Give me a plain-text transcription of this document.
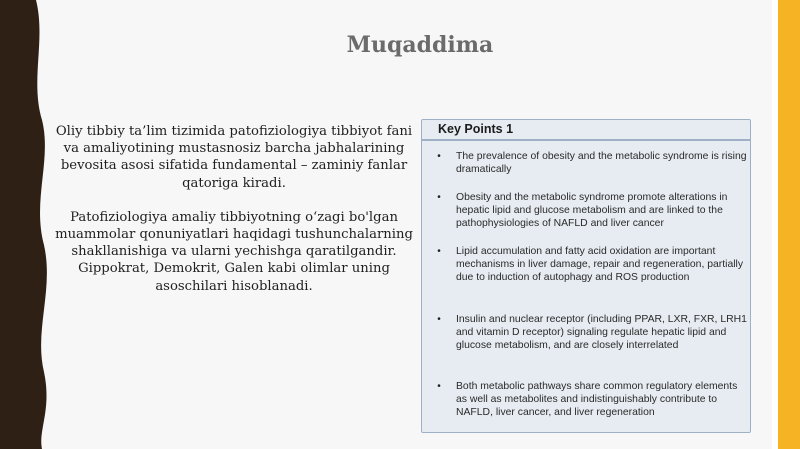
Muqaddima

Oliy tibbiy ta’lim tizimida patofiziologiya tibbiyot fani va amaliyotining mustasnosiz barcha jabhalarining bevosita asosi sifatida fundamental – zaminiy fanlar qatoriga kiradi.

Patofiziologiya amaliy tibbiyotning o‘zagi bo'lgan muammolar qonuniyatlari haqidagi tushunchalarning shakllanishiga va ularni yechishga qaratilgandir. Gippokrat, Demokrit, Galen kabi olimlar uning asoschilari hisoblanadi.

Key Points 1
•	The prevalence of obesity and the metabolic syndrome is rising dramatically
•	Obesity and the metabolic syndrome promote alterations in hepatic lipid and glucose metabolism and are linked to the pathophysiologies of NAFLD and liver cancer
•	Lipid accumulation and fatty acid oxidation are important mechanisms in liver damage, repair and regeneration, partially due to induction of autophagy and ROS production
•	Insulin and nuclear receptor (including PPAR, LXR, FXR, LRH1 and vitamin D receptor) signaling regulate hepatic lipid and glucose metabolism, and are closely interrelated
•	Both metabolic pathways share common regulatory elements as well as metabolites and indistinguishably contribute to NAFLD, liver cancer, and liver regeneration
